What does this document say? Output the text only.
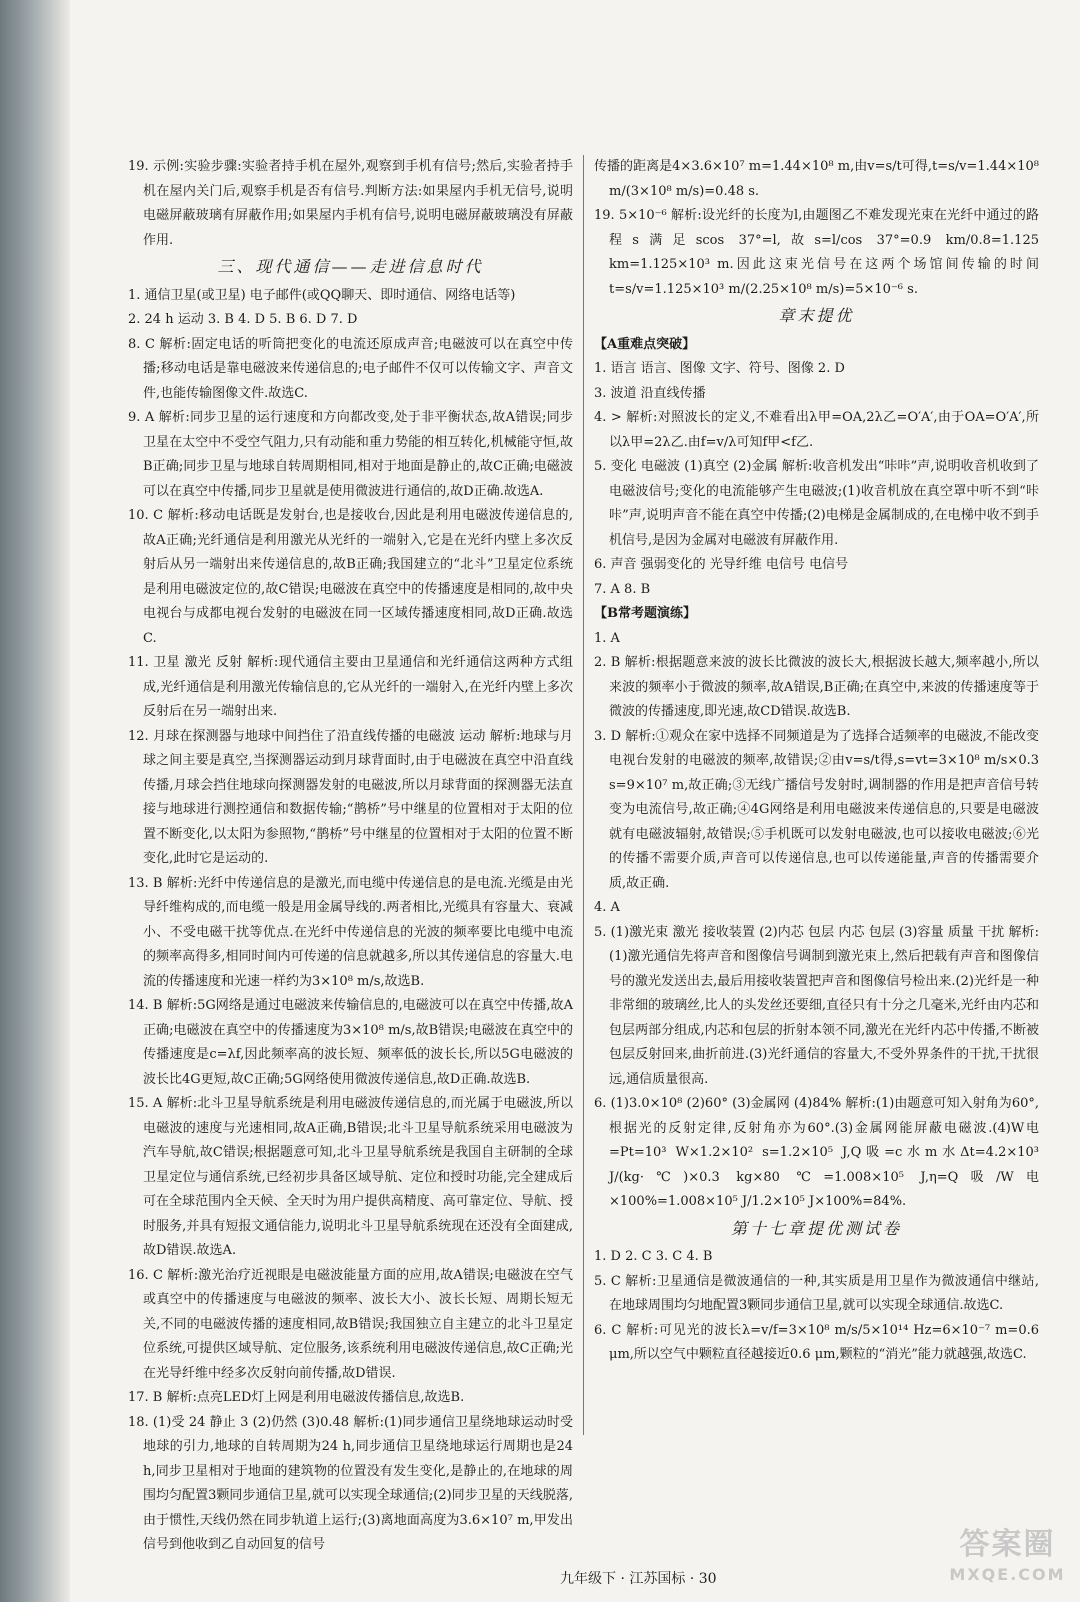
19. 示例:实验步骤:实验者持手机在屋外,观察到手机有信号;然后,实验者持手机在屋内关门后,观察手机是否有信号.判断方法:如果屋内手机无信号,说明电磁屏蔽玻璃有屏蔽作用;如果屋内手机有信号,说明电磁屏蔽玻璃没有屏蔽作用.

三、现代通信——走进信息时代

1. 通信卫星(或卫星) 电子邮件(或QQ聊天、即时通信、网络电话等)

2. 24 h 运动 3. B 4. D 5. B 6. D 7. D

8. C 解析:固定电话的听筒把变化的电流还原成声音;电磁波可以在真空中传播;移动电话是靠电磁波来传递信息的;电子邮件不仅可以传输文字、声音文件,也能传输图像文件.故选C.

9. A 解析:同步卫星的运行速度和方向都改变,处于非平衡状态,故A错误;同步卫星在太空中不受空气阻力,只有动能和重力势能的相互转化,机械能守恒,故B正确;同步卫星与地球自转周期相同,相对于地面是静止的,故C正确;电磁波可以在真空中传播,同步卫星就是使用微波进行通信的,故D正确.故选A.

10. C 解析:移动电话既是发射台,也是接收台,因此是利用电磁波传递信息的,故A正确;光纤通信是利用激光从光纤的一端射入,它是在光纤内壁上多次反射后从另一端射出来传递信息的,故B正确;我国建立的“北斗”卫星定位系统是利用电磁波定位的,故C错误;电磁波在真空中的传播速度是相同的,故中央电视台与成都电视台发射的电磁波在同一区域传播速度相同,故D正确.故选C.

11. 卫星 激光 反射 解析:现代通信主要由卫星通信和光纤通信这两种方式组成,光纤通信是利用激光传输信息的,它从光纤的一端射入,在光纤内壁上多次反射后在另一端射出来.

12. 月球在探测器与地球中间挡住了沿直线传播的电磁波 运动 解析:地球与月球之间主要是真空,当探测器运动到月球背面时,由于电磁波在真空中沿直线传播,月球会挡住地球向探测器发射的电磁波,所以月球背面的探测器无法直接与地球进行测控通信和数据传输;“鹊桥”号中继星的位置相对于太阳的位置不断变化,以太阳为参照物,“鹊桥”号中继星的位置相对于太阳的位置不断变化,此时它是运动的.

13. B 解析:光纤中传递信息的是激光,而电缆中传递信息的是电流.光缆是由光导纤维构成的,而电缆一般是用金属导线的.两者相比,光缆具有容量大、衰减小、不受电磁干扰等优点.在光纤中传递信息的光波的频率要比电缆中电流的频率高得多,相同时间内可传递的信息就越多,所以其传递信息的容量大.电流的传播速度和光速一样约为3×10⁸ m/s,故选B.

14. B 解析:5G网络是通过电磁波来传输信息的,电磁波可以在真空中传播,故A正确;电磁波在真空中的传播速度为3×10⁸ m/s,故B错误;电磁波在真空中的传播速度是c=λf,因此频率高的波长短、频率低的波长长,所以5G电磁波的波长比4G更短,故C正确;5G网络使用微波传递信息,故D正确.故选B.

15. A 解析:北斗卫星导航系统是利用电磁波传递信息的,而光属于电磁波,所以电磁波的速度与光速相同,故A正确,B错误;北斗卫星导航系统采用电磁波为汽车导航,故C错误;根据题意可知,北斗卫星导航系统是我国自主研制的全球卫星定位与通信系统,已经初步具备区域导航、定位和授时功能,完全建成后可在全球范围内全天候、全天时为用户提供高精度、高可靠定位、导航、授时服务,并具有短报文通信能力,说明北斗卫星导航系统现在还没有全面建成,故D错误.故选A.

16. C 解析:激光治疗近视眼是电磁波能量方面的应用,故A错误;电磁波在空气或真空中的传播速度与电磁波的频率、波长大小、波长长短、周期长短无关,不同的电磁波传播的速度相同,故B错误;我国独立自主建立的北斗卫星定位系统,可提供区域导航、定位服务,该系统利用电磁波传递信息,故C正确;光在光导纤维中经多次反射向前传播,故D错误.

17. B 解析:点亮LED灯上网是利用电磁波传播信息,故选B.

18. (1)受 24 静止 3 (2)仍然 (3)0.48 解析:(1)同步通信卫星绕地球运动时受地球的引力,地球的自转周期为24 h,同步通信卫星绕地球运行周期也是24 h,同步卫星相对于地面的建筑物的位置没有发生变化,是静止的,在地球的周围均匀配置3颗同步通信卫星,就可以实现全球通信;(2)同步卫星的天线脱落,由于惯性,天线仍然在同步轨道上运行;(3)离地面高度为3.6×10⁷ m,甲发出信号到他收到乙自动回复的信号

传播的距离是4×3.6×10⁷ m=1.44×10⁸ m,由v=s/t可得,t=s/v=1.44×10⁸ m/(3×10⁸ m/s)=0.48 s.

19. 5×10⁻⁶ 解析:设光纤的长度为l,由题图乙不难发现光束在光纤中通过的路程s满足scos 37°=l,故s=l/cos 37°=0.9 km/0.8=1.125 km=1.125×10³ m.因此这束光信号在这两个场馆间传输的时间t=s/v=1.125×10³ m/(2.25×10⁸ m/s)=5×10⁻⁶ s.

章末提优
【A重难点突破】

1. 语言 语言、图像 文字、符号、图像 2. D

3. 波道 沿直线传播

4. > 解析:对照波长的定义,不难看出λ甲=OA,2λ乙=O′A′,由于OA=O′A′,所以λ甲=2λ乙.由f=v/λ可知f甲<f乙.

5. 变化 电磁波 (1)真空 (2)金属 解析:收音机发出“咔咔”声,说明收音机收到了电磁波信号;变化的电流能够产生电磁波;(1)收音机放在真空罩中听不到“咔咔”声,说明声音不能在真空中传播;(2)电梯是金属制成的,在电梯中收不到手机信号,是因为金属对电磁波有屏蔽作用.

6. 声音 强弱变化的 光导纤维 电信号 电信号

7. A 8. B

【B常考题演练】

1. A

2. B 解析:根据题意来波的波长比微波的波长大,根据波长越大,频率越小,所以来波的频率小于微波的频率,故A错误,B正确;在真空中,来波的传播速度等于微波的传播速度,即光速,故CD错误.故选B.

3. D 解析:①观众在家中选择不同频道是为了选择合适频率的电磁波,不能改变电视台发射的电磁波的频率,故错误;②由v=s/t得,s=vt=3×10⁸ m/s×0.3 s=9×10⁷ m,故正确;③无线广播信号发射时,调制器的作用是把声音信号转变为电流信号,故正确;④4G网络是利用电磁波来传递信息的,只要是电磁波就有电磁波辐射,故错误;⑤手机既可以发射电磁波,也可以接收电磁波;⑥光的传播不需要介质,声音可以传递信息,也可以传递能量,声音的传播需要介质,故正确.

4. A

5. (1)激光束 激光 接收装置 (2)内芯 包层 内芯 包层 (3)容量 质量 干扰 解析:(1)激光通信先将声音和图像信号调制到激光束上,然后把载有声音和图像信号的激光发送出去,最后用接收装置把声音和图像信号检出来.(2)光纤是一种非常细的玻璃丝,比人的头发丝还要细,直径只有十分之几毫米,光纤由内芯和包层两部分组成,内芯和包层的折射本领不同,激光在光纤内芯中传播,不断被包层反射回来,曲折前进.(3)光纤通信的容量大,不受外界条件的干扰,干扰很远,通信质量很高.

6. (1)3.0×10⁸ (2)60° (3)金属网 (4)84% 解析:(1)由题意可知入射角为60°,根据光的反射定律,反射角亦为60°.(3)金属网能屏蔽电磁波.(4)W电=Pt=10³ W×1.2×10² s=1.2×10⁵ J,Q吸=c水m水Δt=4.2×10³ J/(kg·℃)×0.3 kg×80 ℃=1.008×10⁵ J,η=Q吸/W电×100%=1.008×10⁵ J/1.2×10⁵ J×100%=84%.

第十七章提优测试卷

1. D 2. C 3. C 4. B

5. C 解析:卫星通信是微波通信的一种,其实质是用卫星作为微波通信中继站,在地球周围均匀地配置3颗同步通信卫星,就可以实现全球通信.故选C.

6. C 解析:可见光的波长λ=v/f=3×10⁸ m/s/5×10¹⁴ Hz=6×10⁻⁷ m=0.6 μm,所以空气中颗粒直径越接近0.6 μm,颗粒的“消光”能力就越强,故选C.

九年级下 · 江苏国标 · 30
答案圈
MXQE.COM
